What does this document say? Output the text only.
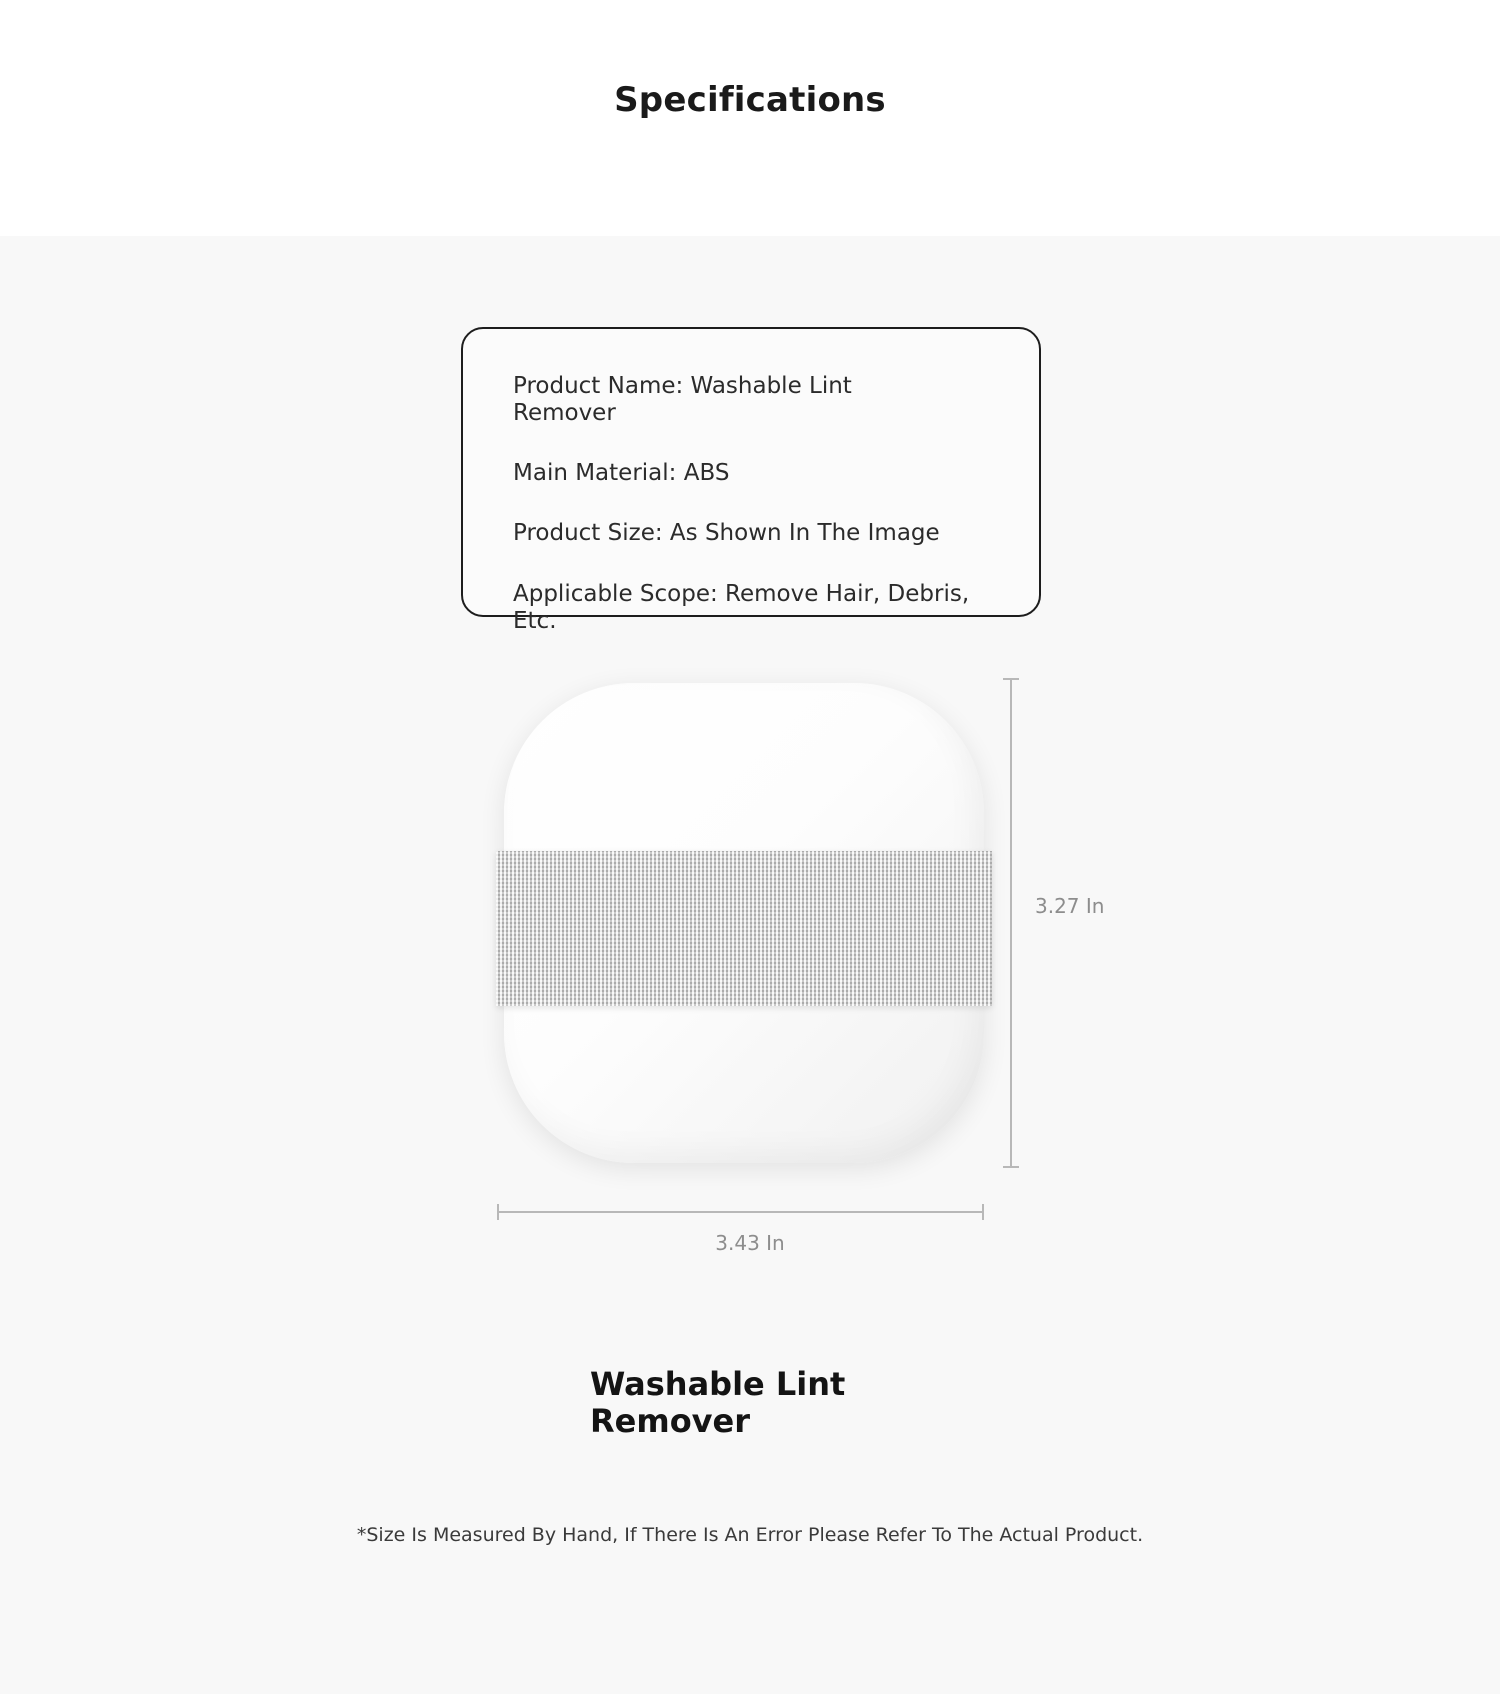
Specifications
Product Name: Washable Lint Remover
Main Material: ABS
Product Size: As Shown In The Image
Applicable Scope: Remove Hair, Debris, Etc.
3.27 In
3.43 In
Washable Lint Remover
*Size Is Measured By Hand, If There Is An Error Please Refer To The Actual Product.
